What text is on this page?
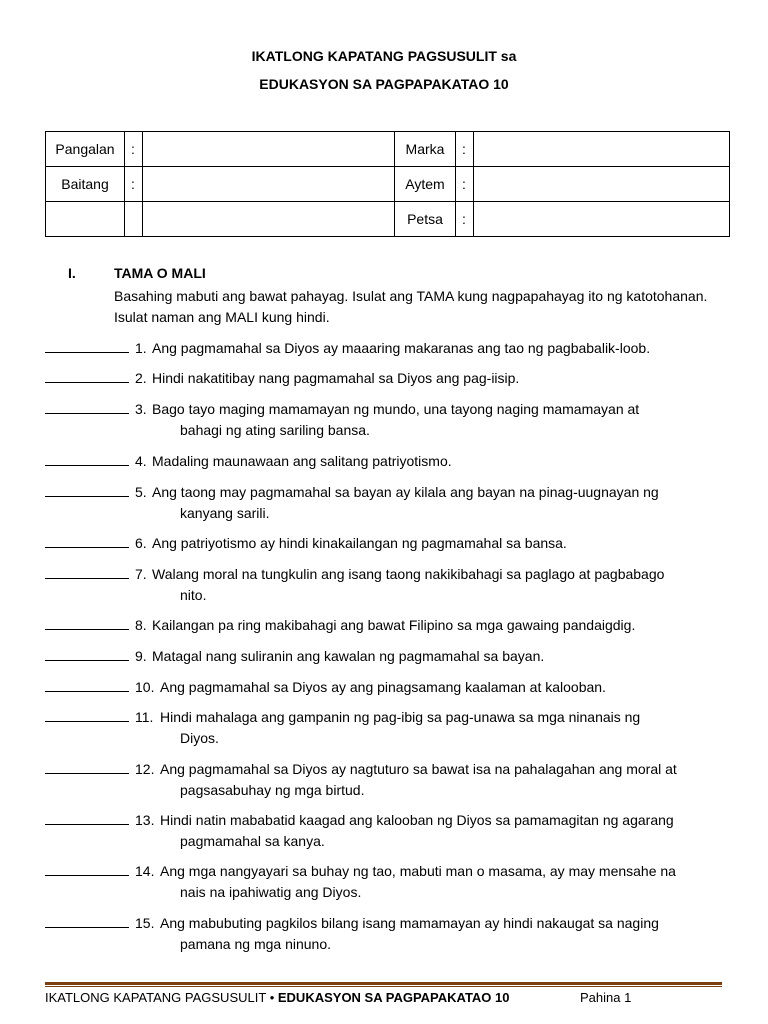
IKATLONG KAPATANG PAGSUSULIT sa
EDUKASYON SA PAGPAPAKATAO 10
Pangalan	:		Marka	:	
Baitang	:		Aytem	:	
			Petsa	:	
I.	TAMA O MALI
Basahing mabuti ang bawat pahayag. Isulat ang TAMA kung nagpapahayag ito ng katotohanan. Isulat naman ang MALI kung hindi.
1. Ang pagmamahal sa Diyos ay maaaring makaranas ang tao ng pagbabalik-loob.
2. Hindi nakatitibay nang pagmamahal sa Diyos ang pag-iisip.
3. Bago tayo maging mamamayan ng mundo, una tayong naging mamamayan at
bahagi ng ating sariling bansa.
4. Madaling maunawaan ang salitang patriyotismo.
5. Ang taong may pagmamahal sa bayan ay kilala ang bayan na pinag-uugnayan ng
kanyang sarili.
6. Ang patriyotismo ay hindi kinakailangan ng pagmamahal sa bansa.
7. Walang moral na tungkulin ang isang taong nakikibahagi sa paglago at pagbabago
nito.
8. Kailangan pa ring makibahagi ang bawat Filipino sa mga gawaing pandaigdig.
9. Matagal nang suliranin ang kawalan ng pagmamahal sa bayan.
10. Ang pagmamahal sa Diyos ay ang pinagsamang kaalaman at kalooban.
11. Hindi mahalaga ang gampanin ng pag-ibig sa pag-unawa sa mga ninanais ng
Diyos.
12. Ang pagmamahal sa Diyos ay nagtuturo sa bawat isa na pahalagahan ang moral at
pagsasabuhay ng mga birtud.
13. Hindi natin mababatid kaagad ang kalooban ng Diyos sa pamamagitan ng agarang
pagmamahal sa kanya.
14. Ang mga nangyayari sa buhay ng tao, mabuti man o masama, ay may mensahe na
nais na ipahiwatig ang Diyos.
15. Ang mabubuting pagkilos bilang isang mamamayan ay hindi nakaugat sa naging
pamana ng mga ninuno.
IKATLONG KAPATANG PAGSUSULIT • EDUKASYON SA PAGPAPAKATAO 10	Pahina 1
